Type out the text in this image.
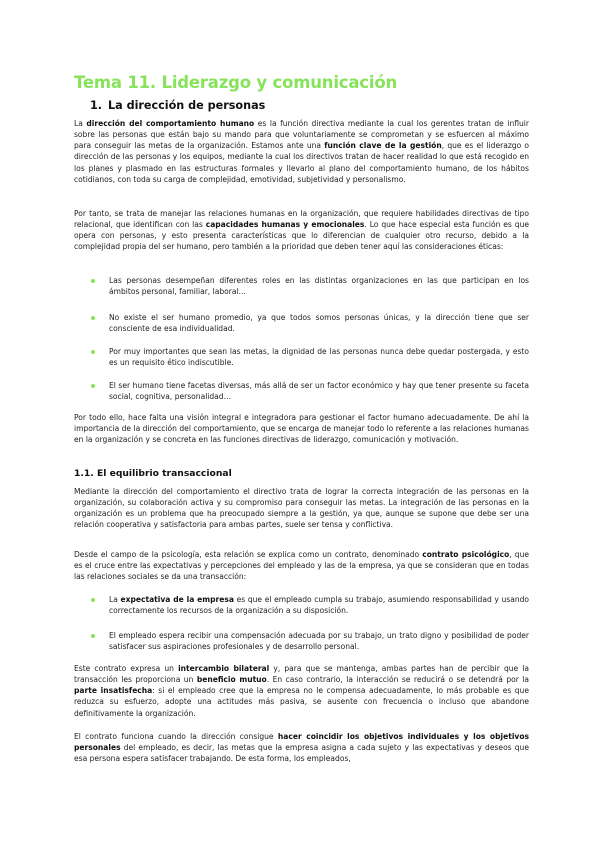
Tema 11. Liderazgo y comunicación
1. La dirección de personas

La dirección del comportamiento humano es la función directiva mediante la cual los gerentes tratan de influir sobre las personas que están bajo su mando para que voluntariamente se comprometan y se esfuercen al máximo para conseguir las metas de la organización. Estamos ante una función clave de la gestión, que es el liderazgo o dirección de las personas y los equipos, mediante la cual los directivos tratan de hacer realidad lo que está recogido en los planes y plasmado en las estructuras formales y llevarlo al plano del comportamiento humano, de los hábitos cotidianos, con toda su carga de complejidad, emotividad, subjetividad y personalismo.

Por tanto, se trata de manejar las relaciones humanas en la organización, que requiere habilidades directivas de tipo relacional, que identifican con las capacidades humanas y emocionales. Lo que hace especial esta función es que opera con personas, y esto presenta características que lo diferencian de cualquier otro recurso, debido a la complejidad propia del ser humano, pero también a la prioridad que deben tener aquí las consideraciones éticas:

Las personas desempeñan diferentes roles en las distintas organizaciones en las que participan en los ámbitos personal, familiar, laboral…
No existe el ser humano promedio, ya que todos somos personas únicas, y la dirección tiene que ser consciente de esa individualidad.
Por muy importantes que sean las metas, la dignidad de las personas nunca debe quedar postergada, y esto es un requisito ético indiscutible.
El ser humano tiene facetas diversas, más allá de ser un factor económico y hay que tener presente su faceta social, cognitiva, personalidad…

Por todo ello, hace falta una visión integral e integradora para gestionar el factor humano adecuadamente. De ahí la importancia de la dirección del comportamiento, que se encarga de manejar todo lo referente a las relaciones humanas en la organización y se concreta en las funciones directivas de liderazgo, comunicación y motivación.

1.1. El equilibrio transaccional

Mediante la dirección del comportamiento el directivo trata de lograr la correcta integración de las personas en la organización, su colaboración activa y su compromiso para conseguir las metas. La integración de las personas en la organización es un problema que ha preocupado siempre a la gestión, ya que, aunque se supone que debe ser una relación cooperativa y satisfactoria para ambas partes, suele ser tensa y conflictiva.

Desde el campo de la psicología, esta relación se explica como un contrato, denominado contrato psicológico, que es el cruce entre las expectativas y percepciones del empleado y las de la empresa, ya que se consideran que en todas las relaciones sociales se da una transacción:

La expectativa de la empresa es que el empleado cumpla su trabajo, asumiendo responsabilidad y usando correctamente los recursos de la organización a su disposición.
El empleado espera recibir una compensación adecuada por su trabajo, un trato digno y posibilidad de poder satisfacer sus aspiraciones profesionales y de desarrollo personal.

Este contrato expresa un intercambio bilateral y, para que se mantenga, ambas partes han de percibir que la transacción les proporciona un beneficio mutuo. En caso contrario, la interacción se reducirá o se detendrá por la parte insatisfecha: si el empleado cree que la empresa no le compensa adecuadamente, lo más probable es que reduzca su esfuerzo, adopte una actitudes más pasiva, se ausente con frecuencia o incluso que abandone definitivamente la organización.

El contrato funciona cuando la dirección consigue hacer coincidir los objetivos individuales y los objetivos personales del empleado, es decir, las metas que la empresa asigna a cada sujeto y las expectativas y deseos que esa persona espera satisfacer trabajando. De esta forma, los empleados,
